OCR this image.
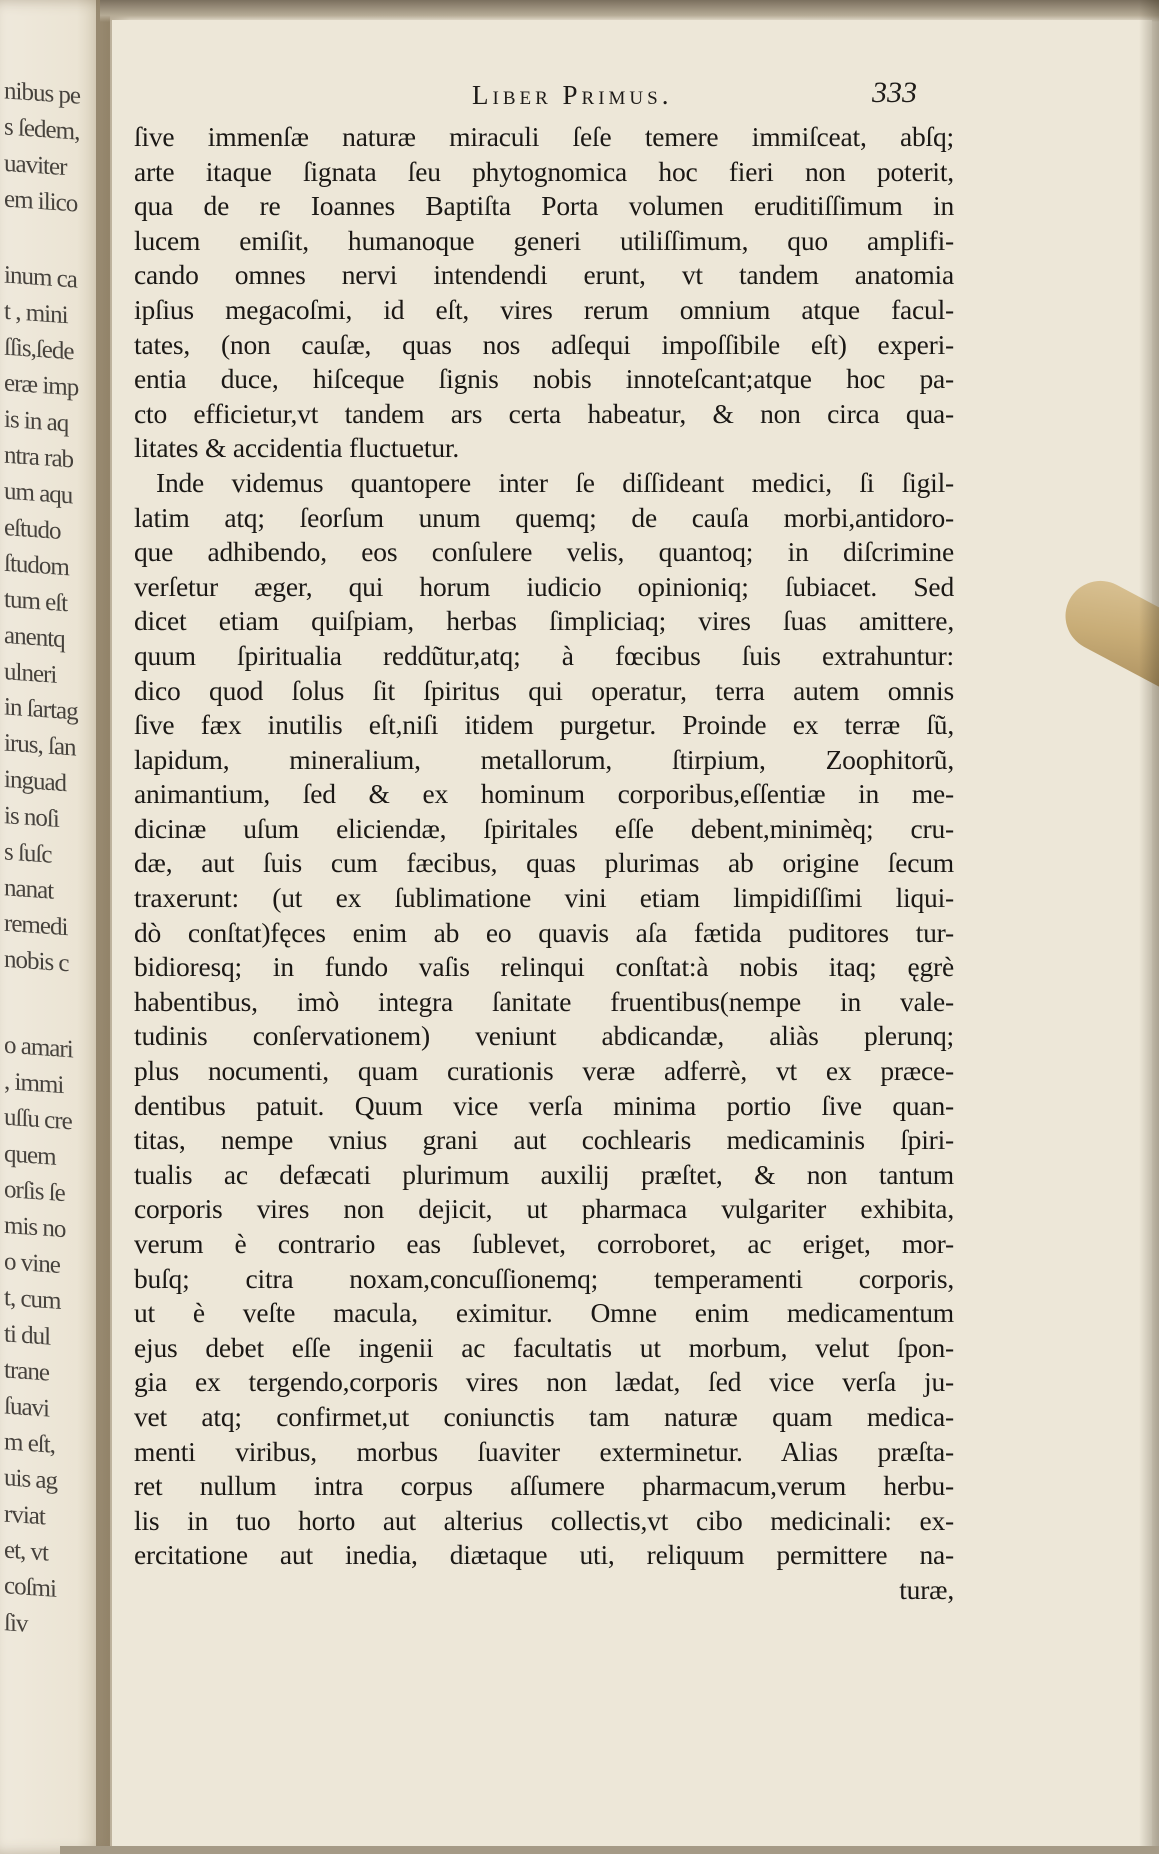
nibus pe
s ſedem,
uaviter
em ilico
inum ca
t , mini
ſſis,ſede
eræ imp
is in aq
ntra rab
um aqu
eſtudo
ſtudom
tum eſt
anentq
ulneri
in ſartag
irus, ſan
inguad
is noſi
s ſuſc
nanat
remedi
nobis c
o amari
, immi
uſſu cre
quem
orſis ſe
mis no
o vine
t, cum
ti dul
trane
ſuavi
m eſt,
uis ag
rviat
et, vt
coſmi
ſiv
Liber Primus.	333
ſive immenſæ naturæ miraculi ſeſe temere immiſceat, abſq;
arte itaque ſignata ſeu phytognomica hoc fieri non poterit,
qua de re Ioannes Baptiſta Porta volumen eruditiſſimum in
lucem emiſit, humanoque generi utiliſſimum, quo amplifi-
cando omnes nervi intendendi erunt, vt tandem anatomia
ipſius megacoſmi, id eſt, vires rerum omnium atque facul-
tates, (non cauſæ, quas nos adſequi impoſſibile eſt) experi-
entia duce, hiſceque ſignis nobis innoteſcant;atque hoc pa-
cto efficietur,vt tandem ars certa habeatur, & non circa qua-
litates & accidentia fluctuetur.
Inde videmus quantopere inter ſe diſſideant medici, ſi ſigil-
latim atq; ſeorſum unum quemq; de cauſa morbi,antidoro-
que adhibendo, eos conſulere velis, quantoq; in diſcrimine
verſetur æger, qui horum iudicio opinioniq; ſubiacet. Sed
dicet etiam quiſpiam, herbas ſimpliciaq; vires ſuas amittere,
quum ſpiritualia reddũtur,atq; à fœcibus ſuis extrahuntur:
dico quod ſolus ſit ſpiritus qui operatur, terra autem omnis
ſive fæx inutilis eſt,niſi itidem purgetur. Proinde ex terræ ſũ,
lapidum, mineralium, metallorum, ſtirpium, Zoophitorũ,
animantium, ſed & ex hominum corporibus,eſſentiæ in me-
dicinæ uſum eliciendæ, ſpiritales eſſe debent,minimèq; cru-
dæ, aut ſuis cum fæcibus, quas plurimas ab origine ſecum
traxerunt: (ut ex ſublimatione vini etiam limpidiſſimi liqui-
dò conſtat)fęces enim ab eo quavis aſa fætida puditores tur-
bidioresq; in fundo vaſis relinqui conſtat:à nobis itaq; ęgrè
habentibus, imò integra ſanitate fruentibus(nempe in vale-
tudinis conſervationem) veniunt abdicandæ, aliàs plerunq;
plus nocumenti, quam curationis veræ adferrè, vt ex præce-
dentibus patuit. Quum vice verſa minima portio ſive quan-
titas, nempe vnius grani aut cochlearis medicaminis ſpiri-
tualis ac defæcati plurimum auxilij præſtet, & non tantum
corporis vires non dejicit, ut pharmaca vulgariter exhibita,
verum è contrario eas ſublevet, corroboret, ac eriget, mor-
buſq; citra noxam,concuſſionemq; temperamenti corporis,
ut è veſte macula, eximitur. Omne enim medicamentum
ejus debet eſſe ingenii ac facultatis ut morbum, velut ſpon-
gia ex tergendo,corporis vires non lædat, ſed vice verſa ju-
vet atq; confirmet,ut coniunctis tam naturæ quam medica-
menti viribus, morbus ſuaviter exterminetur. Alias præſta-
ret nullum intra corpus aſſumere pharmacum,verum herbu-
lis in tuo horto aut alterius collectis,vt cibo medicinali: ex-
ercitatione aut inedia, diætaque uti, reliquum permittere na-
turæ,
